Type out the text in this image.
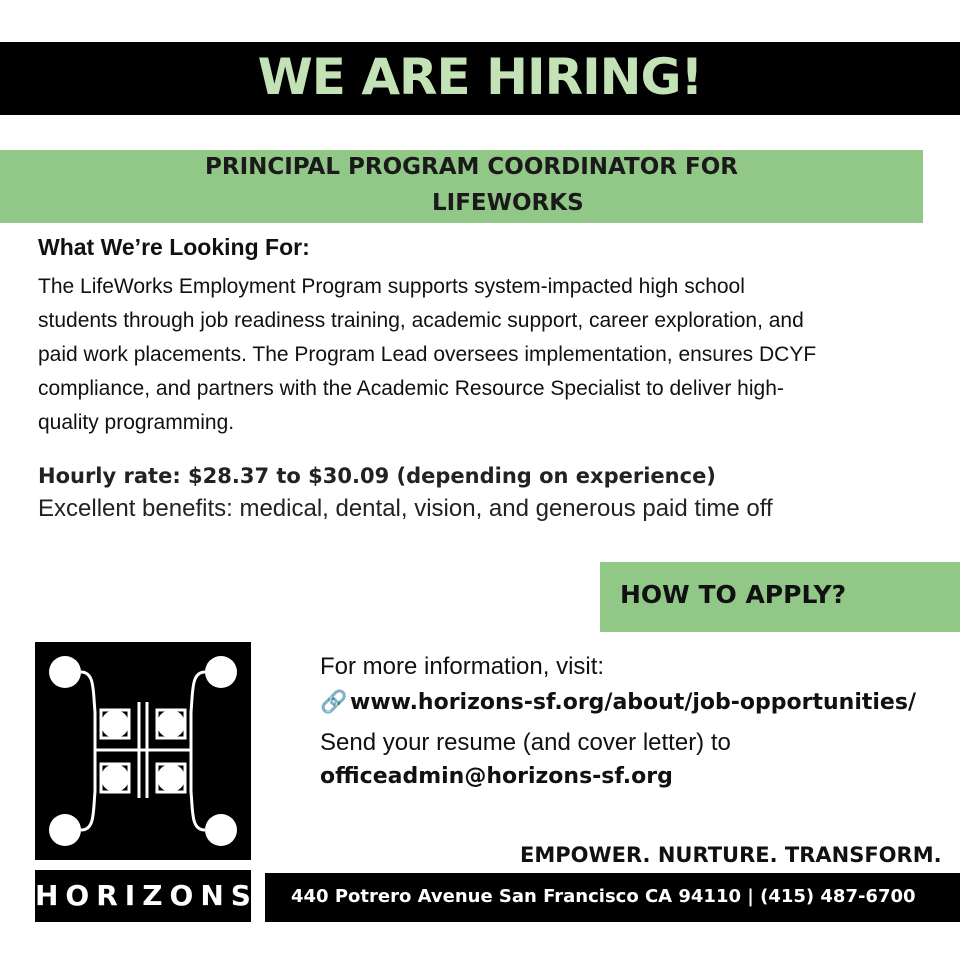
WE ARE HIRING!
PRINCIPAL PROGRAM COORDINATOR FOR
LIFEWORKS
What We’re Looking For:
The LifeWorks Employment Program supports system-impacted high school
students through job readiness training, academic support, career exploration, and
paid work placements. The Program Lead oversees implementation, ensures DCYF
compliance, and partners with the Academic Resource Specialist to deliver high-
quality programming.
Hourly rate: $28.37 to $30.09 (depending on experience)
Excellent benefits: medical, dental, vision, and generous paid time off
HOW TO APPLY?
HORIZONS
For more information, visit:
🔗 www.horizons-sf.org/about/job-opportunities/
Send your resume (and cover letter) to
officeadmin@horizons-sf.org
EMPOWER. NURTURE. TRANSFORM.
440 Potrero Avenue San Francisco CA 94110 | (415) 487-6700
